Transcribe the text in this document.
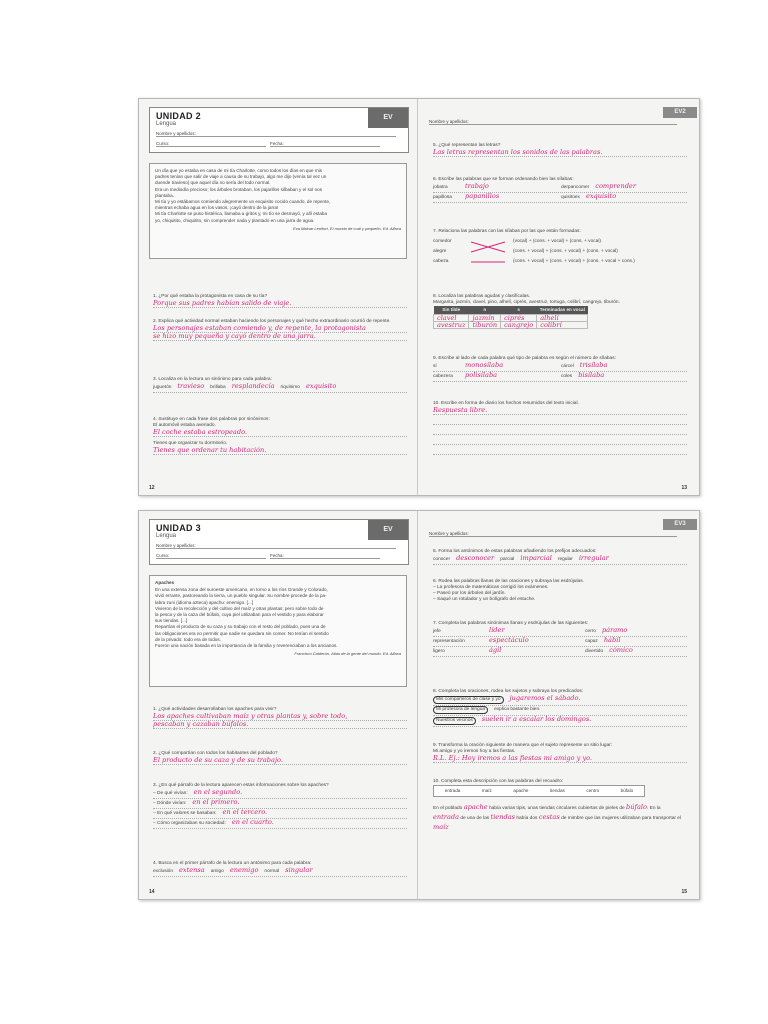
UNIDAD 2
Lengua
EV
Nombre y apellidos:
Curso:	Fecha:
Un día que yo estaba en casa de mi tía Charlotte, como todos los días en que mis
padres tenían que salir de viaje a causa de su trabajo, algo me dijo (venía tal vez un
duende travieso) que aquel día no sería del todo normal.
Era un mediodía precioso; los árboles brotaban, los pajarillos silbaban y el sol nos
plantaba.
Mi tía y yo estábamos comiendo alegremente un exquisito cocido cuando, de repente,
mientras echaba agua en los vasos, ¡cayó dentro de la jarra!
Mi tía Charlotte se puso histérica, llamaba a gritos y, mi tío se desmayó, y allí estaba
yo, chiquitito, chiquitito, sin comprender nada y plantado en una jarra de agua.
Eva Mainar Leolfort, El mundo de cuál y pequeño. Ed. Alfaca
1. ¿Por qué estaba la protagonista en casa de su tía?
Porque sus padres habían salido de viaje.
2. Explica qué actividad normal estaban haciendo los personajes y qué hecho extraordinario ocurrió de repente.
Los personajes estaban comiendo y, de repente, la protagonista
se hizo muy pequeña y cayó dentro de una jarra.
3. Localiza en la lectura un sinónimo para cada palabra:
juguetón travieso brillaba resplandecía riquísimo exquisito
4. Sustituye en cada frase dos palabras por sinónimos:
El automóvil estaba averiado.
El coche estaba estropeado.
Tienes que organizar tu dormitorio.
Tienes que ordenar tu habitación.
12
EV2
Nombre y apellidos:
5. ¿Qué representan las letras?
Las letras representan los sonidos de las palabras.
6. Escribe las palabras que se forman ordenando bien las sílabas:
jobatra	trabajo	derpancomer comprender
papillosa	papanillos	quisitoex exquisito
7. Relaciona las palabras con las sílabas por las que están formadas:
comedor
alegre
cabeza
(vocal) + (cons. + vocal) + (cons. + vocal)
(cons. + vocal) + (cons. + vocal) + (cons. + vocal)
(cons. + vocal) + (cons. + vocal) + (cons. + vocal + cons.)
8. Localiza las palabras agudas y clasifícalas.
Margarita, jazmín, clavel, pino, alhelí, ciprés, avestruz, tortuga, colibrí, cangrejo, tiburón.
Sin tilde	n	s	Terminadas en vocal
clavel	jazmín	ciprés	alhelí
avestruz	tiburón	cangrejo	colibrí
9. Escribe al lado de cada palabra qué tipo de palabra es según el número de sílabas:
sí	monosílaba	cárcel trisílaba
cabezera	polisílaba	coles bisílaba
10. Escribe en forma de diario los hechos resumidos del texto inicial.
Respuesta libre.
13
UNIDAD 3
Lengua
EV
Nombre y apellidos:
Curso:	Fecha:
Apaches
En una extensa zona del suroeste americano, en torno a los ríos Grande y Colorado,
vivió errante, pastoreando la tierra, un pueblo singular. Su nombre procede de la pa-
labra zuni (idioma azteca) apachu: enemigo. [...]
Vivieron de la recolección y del cultivo del maíz y otras plantas; pero sobre todo de
la pesca y de la caza del búfalo, cuya piel utilizaban para el vestido y para elaborar
sus tiendas. [...]
Repartían el producto de su caza y su trabajo con el resto del poblado, pues una de
las obligaciones era no permitir que nadie se quedara sin comer. No tenían el sentido
de la privado: todo era de todos.
Fueron una nación basada en la importancia de la familia y reverenciaban a los ancianos.
Francisco Calderón, Atlas de la gente del mundo. Ed. Alfaca
1. ¿Qué actividades desarrollaban los apaches para vivir?
Los apaches cultivaban maíz y otras plantas y, sobre todo,
pescaban y cazaban búfalos.
2. ¿Qué compartían con todos los habitantes del poblado?
El producto de su caza y de su trabajo.
3. ¿En qué párrafo de la lectura aparecen estas informaciones sobre los apaches?
– De qué vivían: en el segundo.
– Dónde vivían: en el primero.
– En qué valores se basaban: en el tercero.
– Cómo organizaban su sociedad: en el cuarto.
4. Busca en el primer párrafo de la lectura un antónimo para cada palabra:
exclusión extensa amigo enemigo normal singular
14
EV3
Nombre y apellidos:
5. Forma los antónimos de estas palabras añadiendo los prefijos adecuados:
conocer desconocer parcial imparcial regular irregular
6. Rodea las palabras llanas de las oraciones y subraya las esdrújulas.
– La profesora de matemáticas corrigió los exámenes.
– Paseó por los árboles del jardín.
– Saqué un rotulador y un bolígrafo del estuche.
7. Completa las palabras sinónimas llanas y esdrújulas de las siguientes:
jefe	líder	cerro páramo
representación	espectáculo	capaz hábil
ligero	ágil	divertido cómico
8. Completa las oraciones, rodea los sujetos y subraya los predicados:
Mis compañeros de clase y yo	jugaremos el sábado.
Mi profesora de lengua	explica bastante bien.
Nuestros vecinos	suelen ir a escalar los domingos.
9. Transforma la oración siguiente de manera que el sujeto represente un sitio lugar:
Mi amigo y yo iremos hoy a las fiestas.
R.L. Ej.: Hoy iremos a las fiestas mi amigo y yo.
10. Completa esta descripción con las palabras del recuadro:
entrada	maíz	apache	tiendas	centro	búfalo
En el poblado apache había varias tipis, unas tiendas circulares cubiertas de pieles de búfalo. En la entrada de una de las tiendas había dos cestas de mimbre que las mujeres utilizaban para transportar el maíz
15
